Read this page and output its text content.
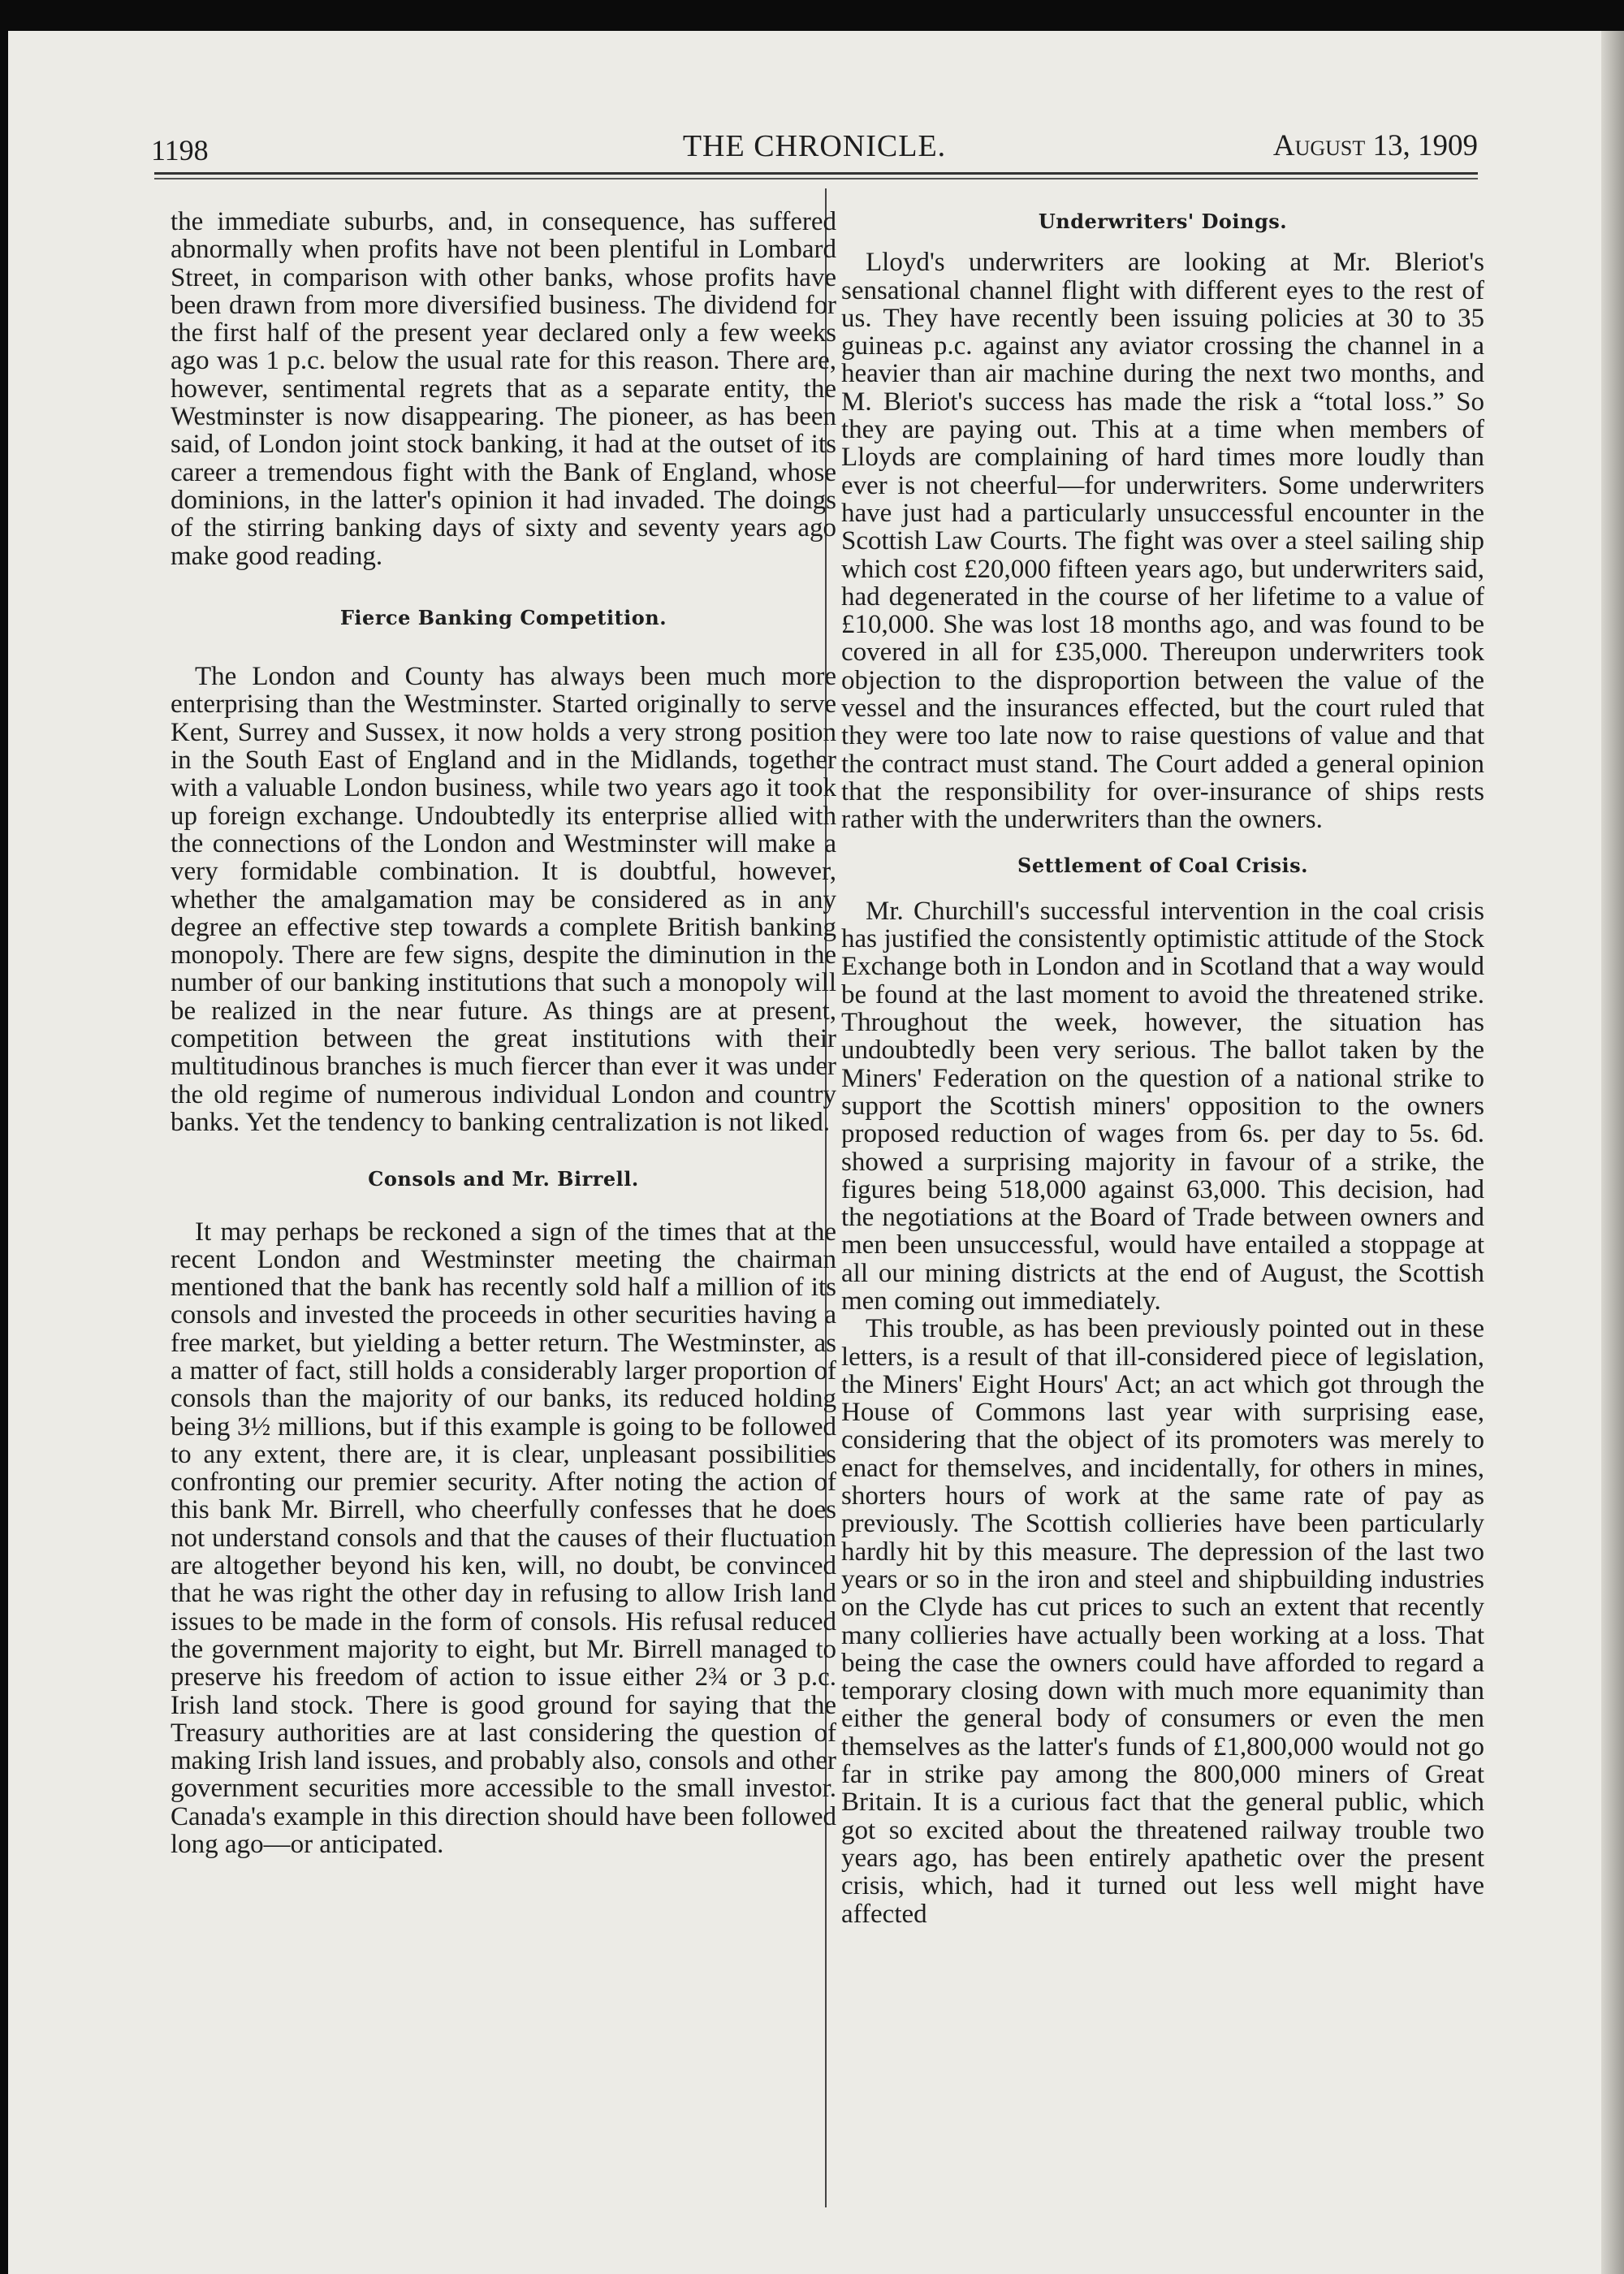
1198	THE CHRONICLE.	August 13, 1909

the immediate suburbs, and, in consequence, has suffered abnormally when profits have not been plentiful in Lombard Street, in comparison with other banks, whose profits have been drawn from more diversified business. The dividend for the first half of the present year declared only a few weeks ago was 1 p.c. below the usual rate for this reason. There are, however, sentimental regrets that as a separate entity, the Westminster is now disappearing. The pioneer, as has been said, of London joint stock banking, it had at the outset of its career a tremendous fight with the Bank of England, whose dominions, in the latter's opinion it had invaded. The doings of the stirring banking days of sixty and seventy years ago make good reading.

Fierce Banking Competition.

The London and County has always been much more enterprising than the Westminster. Started originally to serve Kent, Surrey and Sussex, it now holds a very strong position in the South East of England and in the Midlands, together with a valuable London business, while two years ago it took up foreign exchange. Undoubtedly its enterprise allied with the connections of the London and Westminster will make a very formidable combination. It is doubtful, however, whether the amalgamation may be considered as in any degree an effective step towards a complete British banking monopoly. There are few signs, despite the diminution in the number of our banking institutions that such a monopoly will be realized in the near future. As things are at present, competition between the great institutions with their multitudinous branches is much fiercer than ever it was under the old regime of numerous individual London and country banks. Yet the tendency to banking centralization is not liked.

Consols and Mr. Birrell.

It may perhaps be reckoned a sign of the times that at the recent London and Westminster meeting the chairman mentioned that the bank has recently sold half a million of its consols and invested the proceeds in other securities having a free market, but yielding a better return. The Westminster, as a matter of fact, still holds a considerably larger proportion of consols than the majority of our banks, its reduced holding being 3½ millions, but if this example is going to be followed to any extent, there are, it is clear, unpleasant possibilities confronting our premier security. After noting the action of this bank Mr. Birrell, who cheerfully confesses that he does not understand consols and that the causes of their fluctuation are altogether beyond his ken, will, no doubt, be convinced that he was right the other day in refusing to allow Irish land issues to be made in the form of consols. His refusal reduced the government majority to eight, but Mr. Birrell managed to preserve his freedom of action to issue either 2¾ or 3 p.c. Irish land stock. There is good ground for saying that the Treasury authorities are at last considering the question of making Irish land issues, and probably also, consols and other government securities more accessible to the small investor. Canada's example in this direction should have been followed long ago—or anticipated.

Underwriters' Doings.

Lloyd's underwriters are looking at Mr. Bleriot's sensational channel flight with different eyes to the rest of us. They have recently been issuing policies at 30 to 35 guineas p.c. against any aviator crossing the channel in a heavier than air machine during the next two months, and M. Bleriot's success has made the risk a “total loss.” So they are paying out. This at a time when members of Lloyds are complaining of hard times more loudly than ever is not cheerful—for underwriters. Some underwriters have just had a particularly unsuccessful encounter in the Scottish Law Courts. The fight was over a steel sailing ship which cost £20,000 fifteen years ago, but underwriters said, had degenerated in the course of her lifetime to a value of £10,000. She was lost 18 months ago, and was found to be covered in all for £35,000. Thereupon underwriters took objection to the disproportion between the value of the vessel and the insurances effected, but the court ruled that they were too late now to raise questions of value and that the contract must stand. The Court added a general opinion that the responsibility for over-insurance of ships rests rather with the underwriters than the owners.

Settlement of Coal Crisis.

Mr. Churchill's successful intervention in the coal crisis has justified the consistently optimistic attitude of the Stock Exchange both in London and in Scotland that a way would be found at the last moment to avoid the threatened strike. Throughout the week, however, the situation has undoubtedly been very serious. The ballot taken by the Miners' Federation on the question of a national strike to support the Scottish miners' opposition to the owners proposed reduction of wages from 6s. per day to 5s. 6d. showed a surprising majority in favour of a strike, the figures being 518,000 against 63,000. This decision, had the negotiations at the Board of Trade between owners and men been unsuccessful, would have entailed a stoppage at all our mining districts at the end of August, the Scottish men coming out immediately.

This trouble, as has been previously pointed out in these letters, is a result of that ill-considered piece of legislation, the Miners' Eight Hours' Act; an act which got through the House of Commons last year with surprising ease, considering that the object of its promoters was merely to enact for themselves, and incidentally, for others in mines, shorters hours of work at the same rate of pay as previously. The Scottish collieries have been particularly hardly hit by this measure. The depression of the last two years or so in the iron and steel and shipbuilding industries on the Clyde has cut prices to such an extent that recently many collieries have actually been working at a loss. That being the case the owners could have afforded to regard a temporary closing down with much more equanimity than either the general body of consumers or even the men themselves as the latter's funds of £1,800,000 would not go far in strike pay among the 800,000 miners of Great Britain. It is a curious fact that the general public, which got so excited about the threatened railway trouble two years ago, has been entirely apathetic over the present crisis, which, had it turned out less well might have affected
